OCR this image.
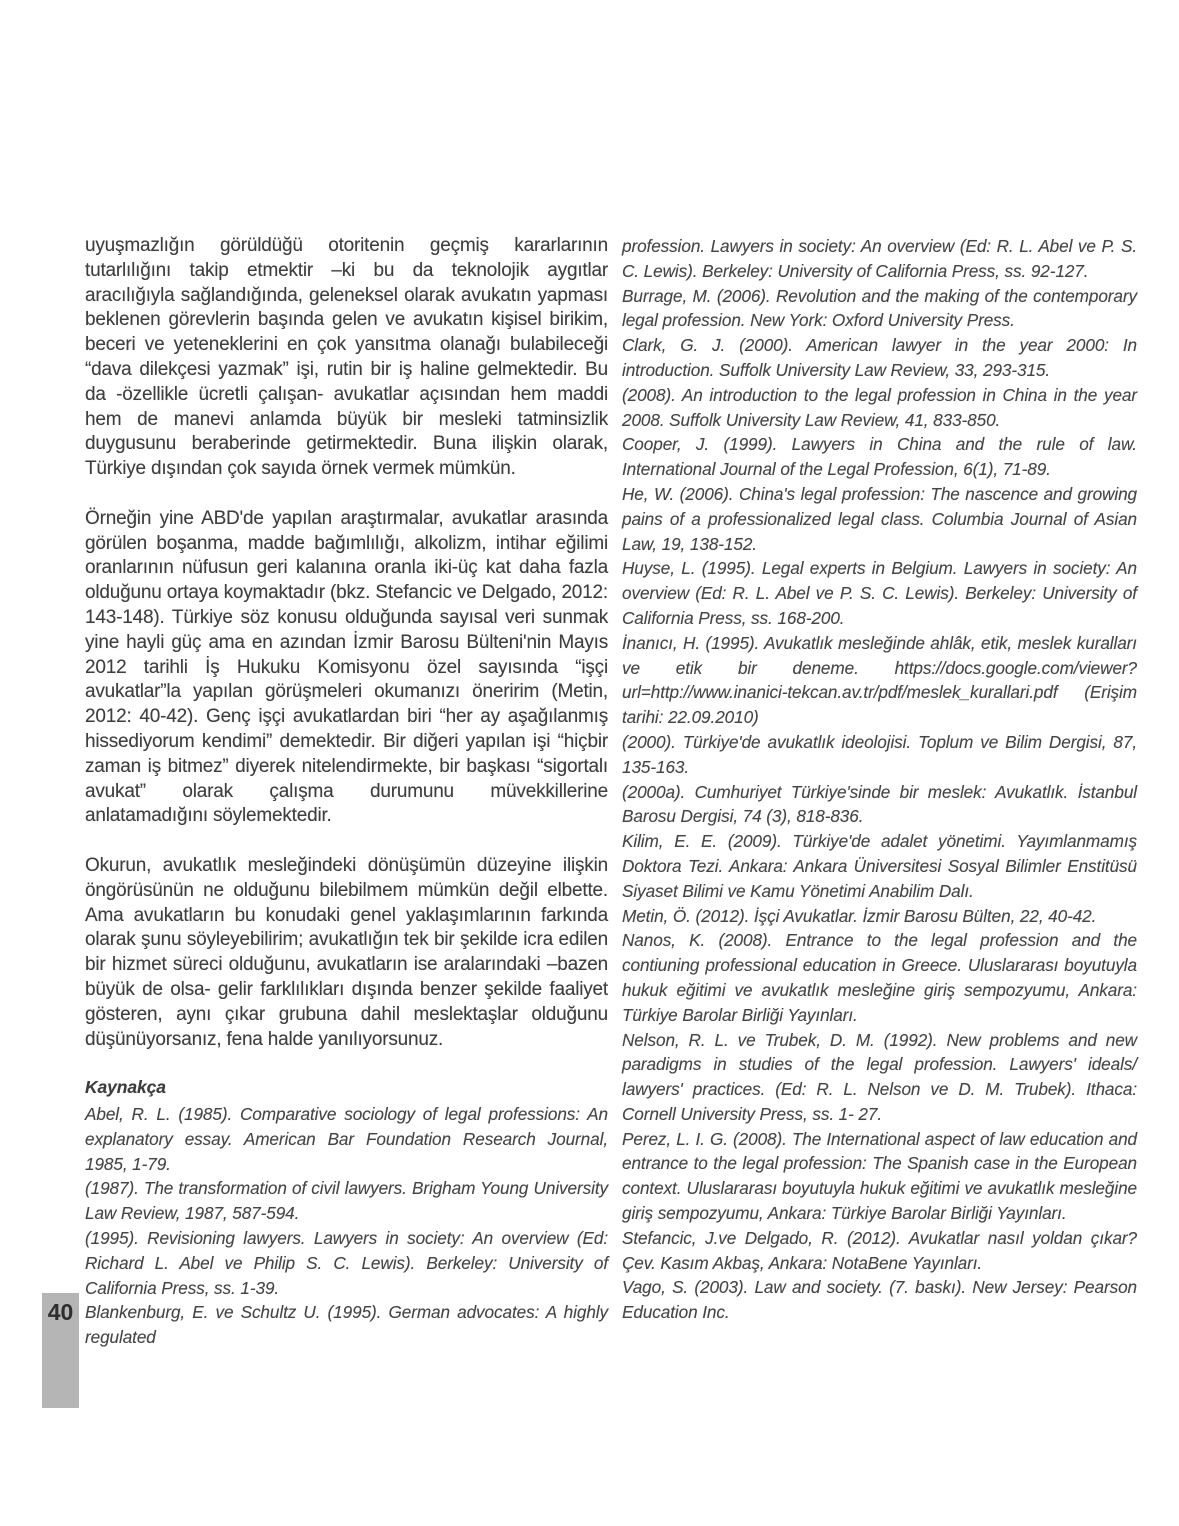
uyuşmazlığın görüldüğü otoritenin geçmiş kararlarının tutarlılığını takip etmektir –ki bu da teknolojik aygıtlar aracılığıyla sağlandığında, geleneksel olarak avukatın yapması beklenen görevlerin başında gelen ve avukatın kişisel birikim, beceri ve yeteneklerini en çok yansıtma olanağı bulabileceği “dava dilekçesi yazmak” işi, rutin bir iş haline gelmektedir. Bu da -özellikle ücretli çalışan- avukatlar açısından hem maddi hem de manevi anlamda büyük bir mesleki tatminsizlik duygusunu beraberinde getirmektedir. Buna ilişkin olarak, Türkiye dışından çok sayıda örnek vermek mümkün.

Örneğin yine ABD'de yapılan araştırmalar, avukatlar arasında görülen boşanma, madde bağımlılığı, alkolizm, intihar eğilimi oranlarının nüfusun geri kalanına oranla iki-üç kat daha fazla olduğunu ortaya koymaktadır (bkz. Stefancic ve Delgado, 2012: 143-148). Türkiye söz konusu olduğunda sayısal veri sunmak yine hayli güç ama en azından İzmir Barosu Bülteni'nin Mayıs 2012 tarihli İş Hukuku Komisyonu özel sayısında “işçi avukatlar”la yapılan görüşmeleri okumanızı öneririm (Metin, 2012: 40-42). Genç işçi avukatlardan biri “her ay aşağılanmış hissediyorum kendimi” demektedir. Bir diğeri yapılan işi “hiçbir zaman iş bitmez” diyerek nitelendirmekte, bir başkası “sigortalı avukat” olarak çalışma durumunu müvekkillerine anlatamadığını söylemektedir.

Okurun, avukatlık mesleğindeki dönüşümün düzeyine ilişkin öngörüsünün ne olduğunu bilebilmem mümkün değil elbette. Ama avukatların bu konudaki genel yaklaşımlarının farkında olarak şunu söyleyebilirim; avukatlığın tek bir şekilde icra edilen bir hizmet süreci olduğunu, avukatların ise aralarındaki –bazen büyük de olsa- gelir farklılıkları dışında benzer şekilde faaliyet gösteren, aynı çıkar grubuna dahil meslektaşlar olduğunu düşünüyorsanız, fena halde yanılıyorsunuz.

Kaynakça

Abel, R. L. (1985). Comparative sociology of legal professions: An explanatory essay. American Bar Foundation Research Journal, 1985, 1-79.

(1987). The transformation of civil lawyers. Brigham Young University Law Review, 1987, 587-594.

(1995). Revisioning lawyers. Lawyers in society: An overview (Ed: Richard L. Abel ve Philip S. C. Lewis). Berkeley: University of California Press, ss. 1-39.

Blankenburg, E. ve Schultz U. (1995). German advocates: A highly regulated

profession. Lawyers in society: An overview (Ed: R. L. Abel ve P. S. C. Lewis). Berkeley: University of California Press, ss. 92-127.

Burrage, M. (2006). Revolution and the making of the contemporary legal profession. New York: Oxford University Press.

Clark, G. J. (2000). American lawyer in the year 2000: In introduction. Suffolk University Law Review, 33, 293-315.

(2008). An introduction to the legal profession in China in the year 2008. Suffolk University Law Review, 41, 833-850.

Cooper, J. (1999). Lawyers in China and the rule of law. International Journal of the Legal Profession, 6(1), 71-89.

He, W. (2006). China's legal profession: The nascence and growing pains of a professionalized legal class. Columbia Journal of Asian Law, 19, 138-152.

Huyse, L. (1995). Legal experts in Belgium. Lawyers in society: An overview (Ed: R. L. Abel ve P. S. C. Lewis). Berkeley: University of California Press, ss. 168-200.

İnanıcı, H. (1995). Avukatlık mesleğinde ahlâk, etik, meslek kuralları ve etik bir deneme. https://docs.google.com/viewer?url=http://www.inanici-tekcan.av.tr/pdf/meslek_kurallari.pdf (Erişim tarihi: 22.09.2010)

(2000). Türkiye'de avukatlık ideolojisi. Toplum ve Bilim Dergisi, 87, 135-163.

(2000a). Cumhuriyet Türkiye'sinde bir meslek: Avukatlık. İstanbul Barosu Dergisi, 74 (3), 818-836.

Kilim, E. E. (2009). Türkiye'de adalet yönetimi. Yayımlanmamış Doktora Tezi. Ankara: Ankara Üniversitesi Sosyal Bilimler Enstitüsü Siyaset Bilimi ve Kamu Yönetimi Anabilim Dalı.

Metin, Ö. (2012). İşçi Avukatlar. İzmir Barosu Bülten, 22, 40-42.

Nanos, K. (2008). Entrance to the legal profession and the contiuning professional education in Greece. Uluslararası boyutuyla hukuk eğitimi ve avukatlık mesleğine giriş sempozyumu, Ankara: Türkiye Barolar Birliği Yayınları.

Nelson, R. L. ve Trubek, D. M. (1992). New problems and new paradigms in studies of the legal profession. Lawyers' ideals/ lawyers' practices. (Ed: R. L. Nelson ve D. M. Trubek). Ithaca: Cornell University Press, ss. 1- 27.

Perez, L. I. G. (2008). The International aspect of law education and entrance to the legal profession: The Spanish case in the European context. Uluslararası boyutuyla hukuk eğitimi ve avukatlık mesleğine giriş sempozyumu, Ankara: Türkiye Barolar Birliği Yayınları.

Stefancic, J.ve Delgado, R. (2012). Avukatlar nasıl yoldan çıkar? Çev. Kasım Akbaş, Ankara: NotaBene Yayınları.

Vago, S. (2003). Law and society. (7. baskı). New Jersey: Pearson Education Inc.

40
